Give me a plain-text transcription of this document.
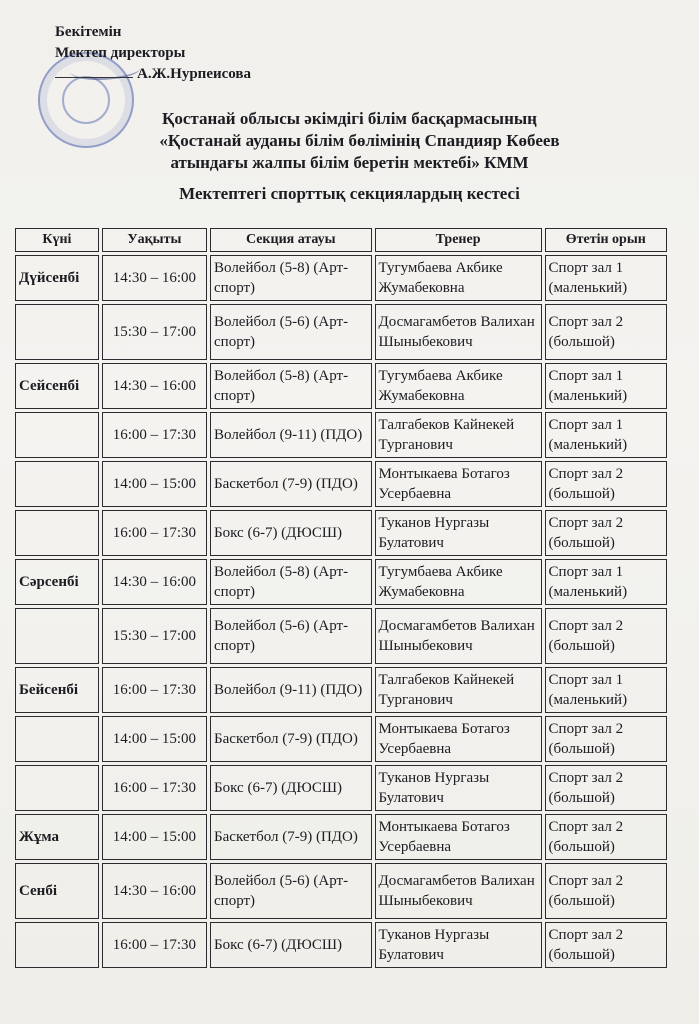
Бекітемін
Мектеп директоры
А.Ж.Нурпеисова
Қостанай облысы әкімдігі білім басқармасының
«Қостанай ауданы білім бөлімінің Спандияр Көбеев
атындағы жалпы білім беретін мектебі» КММ
Мектептегі спорттық секциялардың кестесі
Күні	Уақыты	Секция атауы	Тренер	Өтетін орын
Дүйсенбі	14:30 – 16:00	Волейбол (5-8) (Арт-спорт)	Тугумбаева Акбике Жумабековна	Спорт зал 1 (маленький)
	15:30 – 17:00	Волейбол (5-6) (Арт-спорт)	Досмагамбетов Валихан Шыныбекович	Спорт зал 2 (большой)
Сейсенбі	14:30 – 16:00	Волейбол (5-8) (Арт-спорт)	Тугумбаева Акбике Жумабековна	Спорт зал 1 (маленький)
	16:00 – 17:30	Волейбол (9-11) (ПДО)	Талгабеков Кайнекей Турганович	Спорт зал 1 (маленький)
	14:00 – 15:00	Баскетбол (7-9) (ПДО)	Монтыкаева Ботагоз Усербаевна	Спорт зал 2 (большой)
	16:00 – 17:30	Бокс (6-7) (ДЮСШ)	Туканов Нургазы Булатович	Спорт зал 2 (большой)
Сәрсенбі	14:30 – 16:00	Волейбол (5-8) (Арт-спорт)	Тугумбаева Акбике Жумабековна	Спорт зал 1 (маленький)
	15:30 – 17:00	Волейбол (5-6) (Арт-спорт)	Досмагамбетов Валихан Шыныбекович	Спорт зал 2 (большой)
Бейсенбі	16:00 – 17:30	Волейбол (9-11) (ПДО)	Талгабеков Кайнекей Турганович	Спорт зал 1 (маленький)
	14:00 – 15:00	Баскетбол (7-9) (ПДО)	Монтыкаева Ботагоз Усербаевна	Спорт зал 2 (большой)
	16:00 – 17:30	Бокс (6-7) (ДЮСШ)	Туканов Нургазы Булатович	Спорт зал 2 (большой)
Жұма	14:00 – 15:00	Баскетбол (7-9) (ПДО)	Монтыкаева Ботагоз Усербаевна	Спорт зал 2 (большой)
Сенбі	14:30 – 16:00	Волейбол (5-6) (Арт-спорт)	Досмагамбетов Валихан Шыныбекович	Спорт зал 2 (большой)
	16:00 – 17:30	Бокс (6-7) (ДЮСШ)	Туканов Нургазы Булатович	Спорт зал 2 (большой)
